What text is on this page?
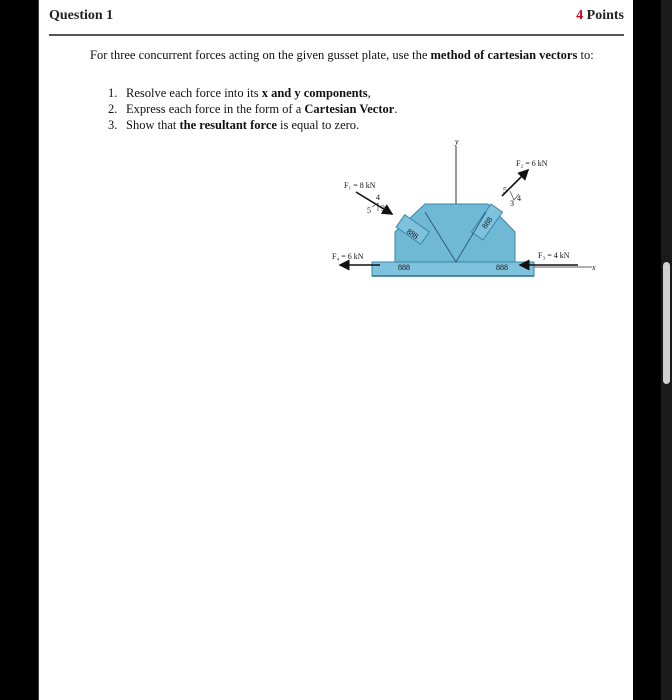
Question 1	4 Points
For three concurrent forces acting on the given gusset plate, use the method of cartesian vectors to:
1. Resolve each force into its x and y components,
2. Express each force in the form of a Cartesian Vector.
3. Show that the resultant force is equal to zero.
888	888
888
888
F₁ = 8 kN
F₂ = 6 kN
F₃ = 4 kN
F₄ = 6 kN
x
y
4
3
5
5
4
3
